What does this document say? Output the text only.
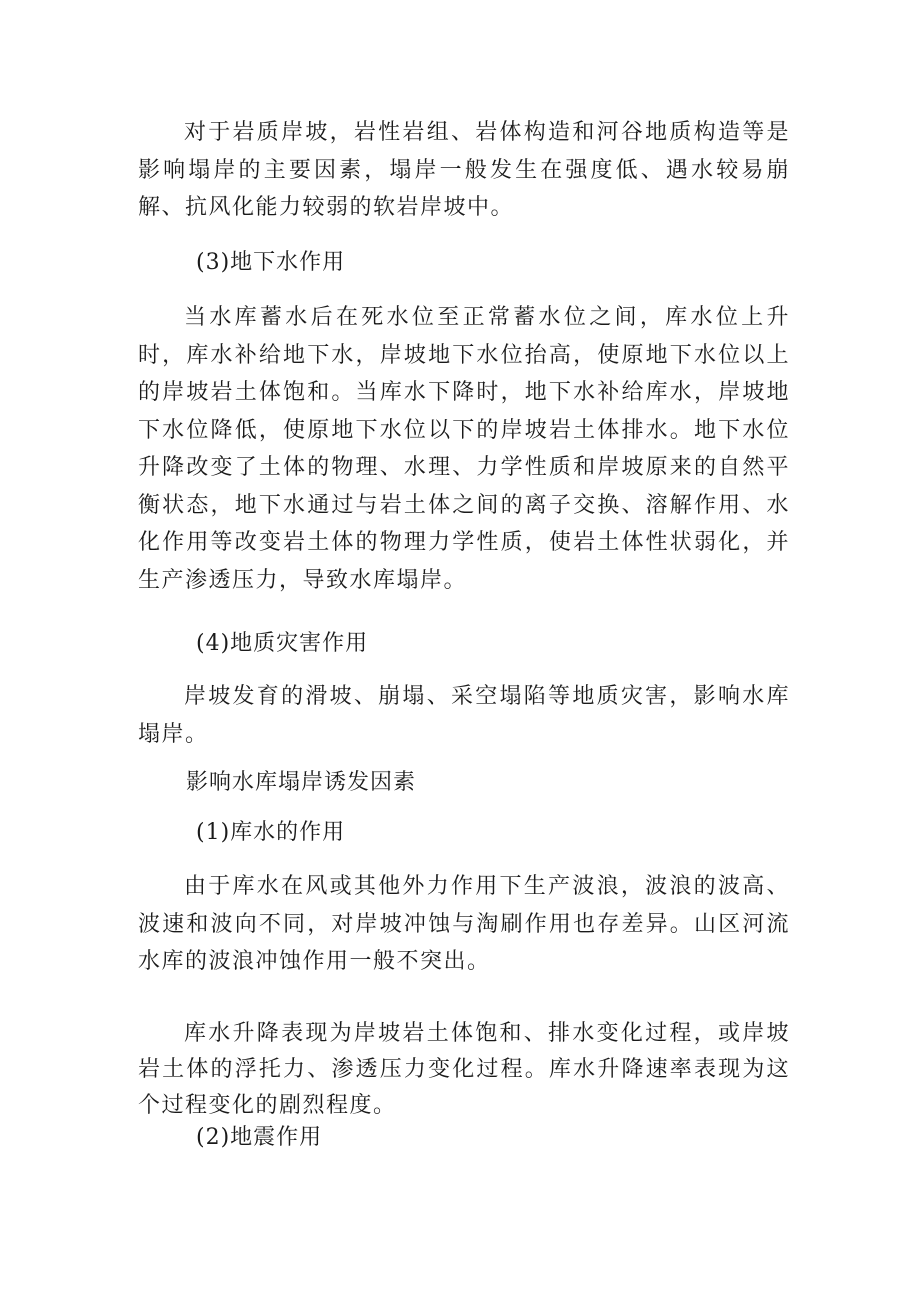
对于岩质岸坡，岩性岩组、岩体构造和河谷地质构造等是影响塌岸的主要因素，塌岸一般发生在强度低、遇水较易崩解、抗风化能力较弱的软岩岸坡中。

(3)地下水作用

当水库蓄水后在死水位至正常蓄水位之间，库水位上升时，库水补给地下水，岸坡地下水位抬高，使原地下水位以上的岸坡岩土体饱和。当库水下降时，地下水补给库水，岸坡地下水位降低，使原地下水位以下的岸坡岩土体排水。地下水位升降改变了土体的物理、水理、力学性质和岸坡原来的自然平衡状态，地下水通过与岩土体之间的离子交换、溶解作用、水化作用等改变岩土体的物理力学性质，使岩土体性状弱化，并生产渗透压力，导致水库塌岸。

(4)地质灾害作用

岸坡发育的滑坡、崩塌、采空塌陷等地质灾害，影响水库塌岸。

影响水库塌岸诱发因素

(1)库水的作用

由于库水在风或其他外力作用下生产波浪，波浪的波高、波速和波向不同，对岸坡冲蚀与淘刷作用也存差异。山区河流水库的波浪冲蚀作用一般不突出。

库水升降表现为岸坡岩土体饱和、排水变化过程，或岸坡岩土体的浮托力、渗透压力变化过程。库水升降速率表现为这个过程变化的剧烈程度。

(2)地震作用
